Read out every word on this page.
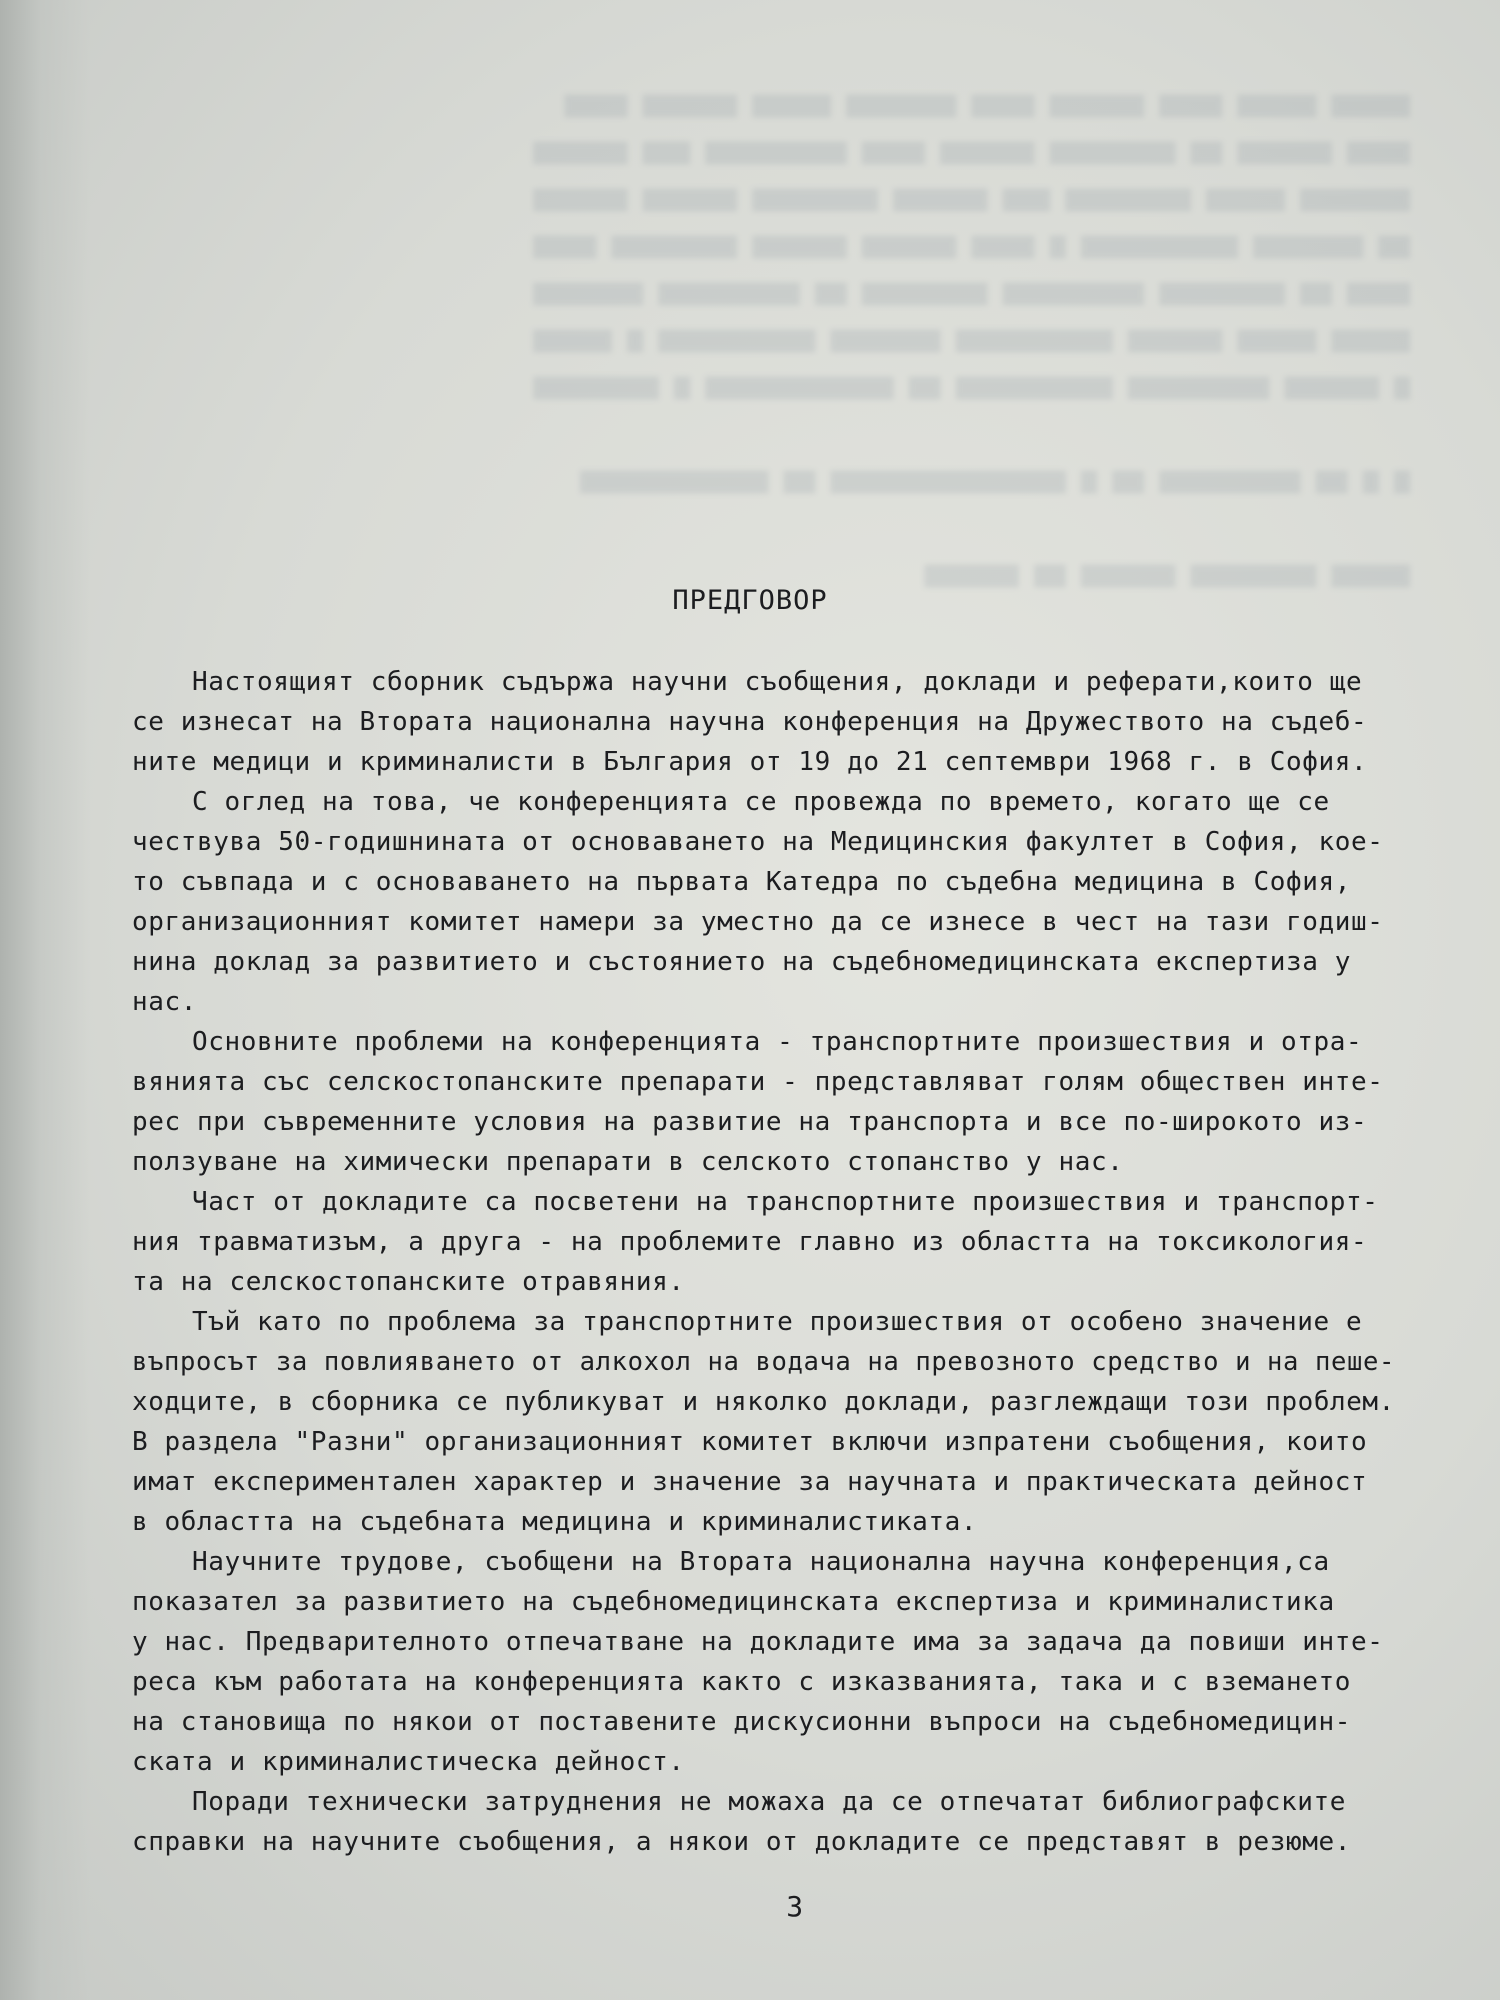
▆▆▆▆▆ ▆▆▆▆▆ ▆▆▆▆ ▆▆▆▆▆▆ ▆▆▆▆ ▆▆▆▆▆▆▆ ▆▆▆▆▆ ▆▆▆▆▆▆ ▆▆▆▆
▆▆▆▆ ▆▆▆▆▆▆ ▆▆ ▆▆▆▆▆▆▆▆ ▆▆▆▆▆▆ ▆▆▆▆ ▆▆▆▆▆▆▆▆▆ ▆▆▆ ▆▆▆▆▆▆
▆▆▆▆▆▆▆ ▆▆▆▆▆ ▆▆▆▆▆▆▆▆ ▆▆▆ ▆▆▆▆▆▆ ▆▆▆▆▆▆▆▆ ▆▆▆▆▆▆ ▆▆▆▆▆▆
▆▆ ▆▆▆▆▆▆▆ ▆▆▆▆▆▆▆▆▆▆ ▆ ▆▆▆▆ ▆▆▆▆▆▆ ▆▆▆▆▆▆ ▆▆▆▆▆▆▆▆ ▆▆▆▆
▆▆▆▆ ▆▆ ▆▆▆▆▆▆▆▆ ▆▆▆▆▆▆▆▆▆ ▆▆▆▆▆▆▆▆ ▆▆ ▆▆▆▆▆▆▆▆▆ ▆▆▆▆▆▆▆
▆▆▆▆▆ ▆▆▆▆▆ ▆▆▆▆▆▆ ▆▆▆▆▆▆▆▆▆▆ ▆▆▆▆▆▆▆ ▆▆▆▆▆▆▆▆▆▆ ▆ ▆▆▆▆▆
▆ ▆▆▆▆▆▆ ▆▆▆▆▆▆▆▆▆ ▆▆▆▆▆▆▆▆▆▆ ▆▆ ▆▆▆▆▆▆▆▆▆▆▆▆ ▆ ▆▆▆▆▆▆▆▆
▆ ▆ ▆▆ ▆▆▆▆▆▆▆▆▆ ▆▆ ▆ ▆▆▆▆▆▆▆▆▆▆▆▆▆▆▆ ▆▆ ▆▆▆▆▆▆▆▆▆▆▆▆
▆▆▆▆▆ ▆▆▆▆▆▆▆▆ ▆▆▆▆▆▆ ▆▆ ▆▆▆▆▆▆
ПРЕДГОВОР
Настоящият сборник съдържа научни съобщения, доклади и реферати,които ще
се изнесат на Втората национална научна конференция на Дружеството на съдеб-
ните медици и криминалисти в България от 19 до 21 септември 1968 г. в София.
С оглед на това, че конференцията се провежда по времето, когато ще се
чествува 50-годишнината от основаването на Медицинския факултет в София, кое-
то съвпада и с основаването на първата Катедра по съдебна медицина в София,
организационният комитет намери за уместно да се изнесе в чест на тази годиш-
нина доклад за развитието и състоянието на съдебномедицинската експертиза у
нас.
Основните проблеми на конференцията - транспортните произшествия и отра-
вянията със селскостопанските препарати - представляват голям обществен инте-
рес при съвременните условия на развитие на транспорта и все по-широкото из-
ползуване на химически препарати в селското стопанство у нас.
Част от докладите са посветени на транспортните произшествия и транспорт-
ния травматизъм, а друга - на проблемите главно из областта на токсикология-
та на селскостопанските отравяния.
Тъй като по проблема за транспортните произшествия от особено значение е
въпросът за повлияването от алкохол на водача на превозното средство и на пеше-
ходците, в сборника се публикуват и няколко доклади, разглеждащи този проблем.
В раздела "Разни" организационният комитет включи изпратени съобщения, които
имат експериментален характер и значение за научната и практическата дейност
в областта на съдебната медицина и криминалистиката.
Научните трудове, съобщени на Втората национална научна конференция,са
показател за развитието на съдебномедицинската експертиза и криминалистика
у нас. Предварителното отпечатване на докладите има за задача да повиши инте-
реса към работата на конференцията както с изказванията, така и с вземането
на становища по някои от поставените дискусионни въпроси на съдебномедицин-
ската и криминалистическа дейност.
Поради технически затруднения не можаха да се отпечатат библиографските
справки на научните съобщения, а някои от докладите се представят в резюме.
3
